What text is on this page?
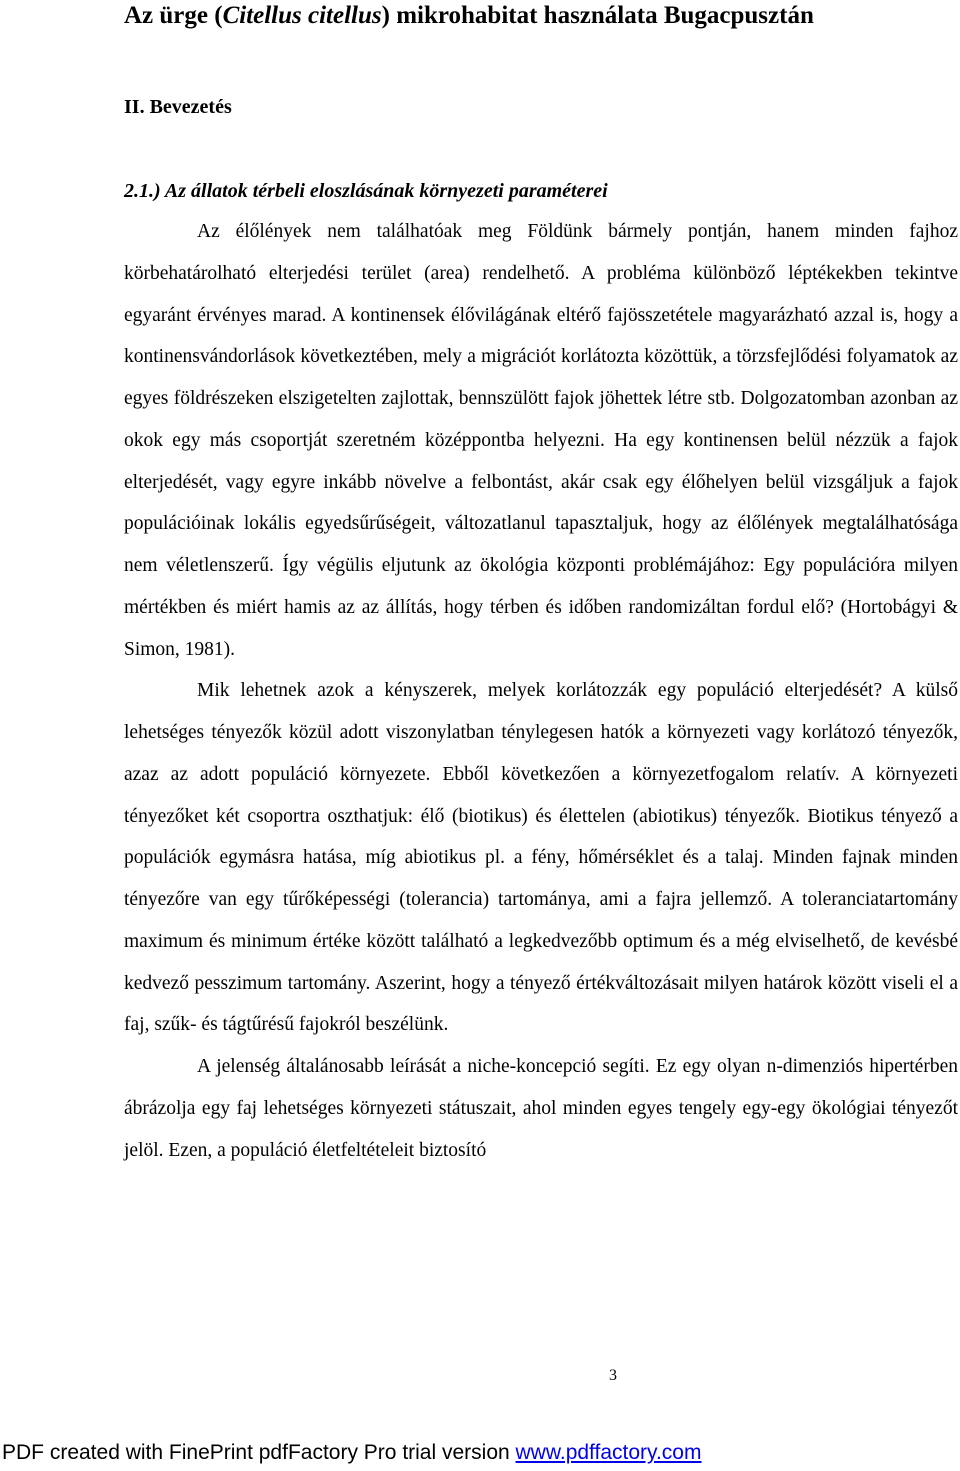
Az ürge (Citellus citellus) mikrohabitat használata Bugacpusztán
II. Bevezetés
2.1.) Az állatok térbeli eloszlásának környezeti paraméterei

Az élőlények nem találhatóak meg Földünk bármely pontján, hanem minden fajhoz körbehatárolható elterjedési terület (area) rendelhető. A probléma különböző léptékekben tekintve egyaránt érvényes marad. A kontinensek élővilágának eltérő fajösszetétele magyarázható azzal is, hogy a kontinensvándorlások következtében, mely a migrációt korlátozta közöttük, a törzsfejlődési folyamatok az egyes földrészeken elszigetelten zajlottak, bennszülött fajok jöhettek létre stb. Dolgozatomban azonban az okok egy más csoportját szeretném középpontba helyezni. Ha egy kontinensen belül nézzük a fajok elterjedését, vagy egyre inkább növelve a felbontást, akár csak egy élőhelyen belül vizsgáljuk a fajok populációinak lokális egyedsűrűségeit, változatlanul tapasztaljuk, hogy az élőlények megtalálhatósága nem véletlenszerű. Így végülis eljutunk az ökológia központi problémájához: Egy populációra milyen mértékben és miért hamis az az állítás, hogy térben és időben randomizáltan fordul elő? (Hortobágyi & Simon, 1981).

Mik lehetnek azok a kényszerek, melyek korlátozzák egy populáció elterjedését? A külső lehetséges tényezők közül adott viszonylatban ténylegesen hatók a környezeti vagy korlátozó tényezők, azaz az adott populáció környezete. Ebből következően a környezetfogalom relatív. A környezeti tényezőket két csoportra oszthatjuk: élő (biotikus) és élettelen (abiotikus) tényezők. Biotikus tényező a populációk egymásra hatása, míg abiotikus pl. a fény, hőmérséklet és a talaj. Minden fajnak minden tényezőre van egy tűrőképességi (tolerancia) tartománya, ami a fajra jellemző. A toleranciatartomány maximum és minimum értéke között található a legkedvezőbb optimum és a még elviselhető, de kevésbé kedvező pesszimum tartomány. Aszerint, hogy a tényező értékváltozásait milyen határok között viseli el a faj, szűk- és tágtűrésű fajokról beszélünk.

A jelenség általánosabb leírását a niche-koncepció segíti. Ez egy olyan n-dimenziós hipertérben ábrázolja egy faj lehetséges környezeti státuszait, ahol minden egyes tengely egy-egy ökológiai tényezőt jelöl. Ezen, a populáció életfeltételeit biztosító

3
PDF created with FinePrint pdfFactory Pro trial version www.pdffactory.com
